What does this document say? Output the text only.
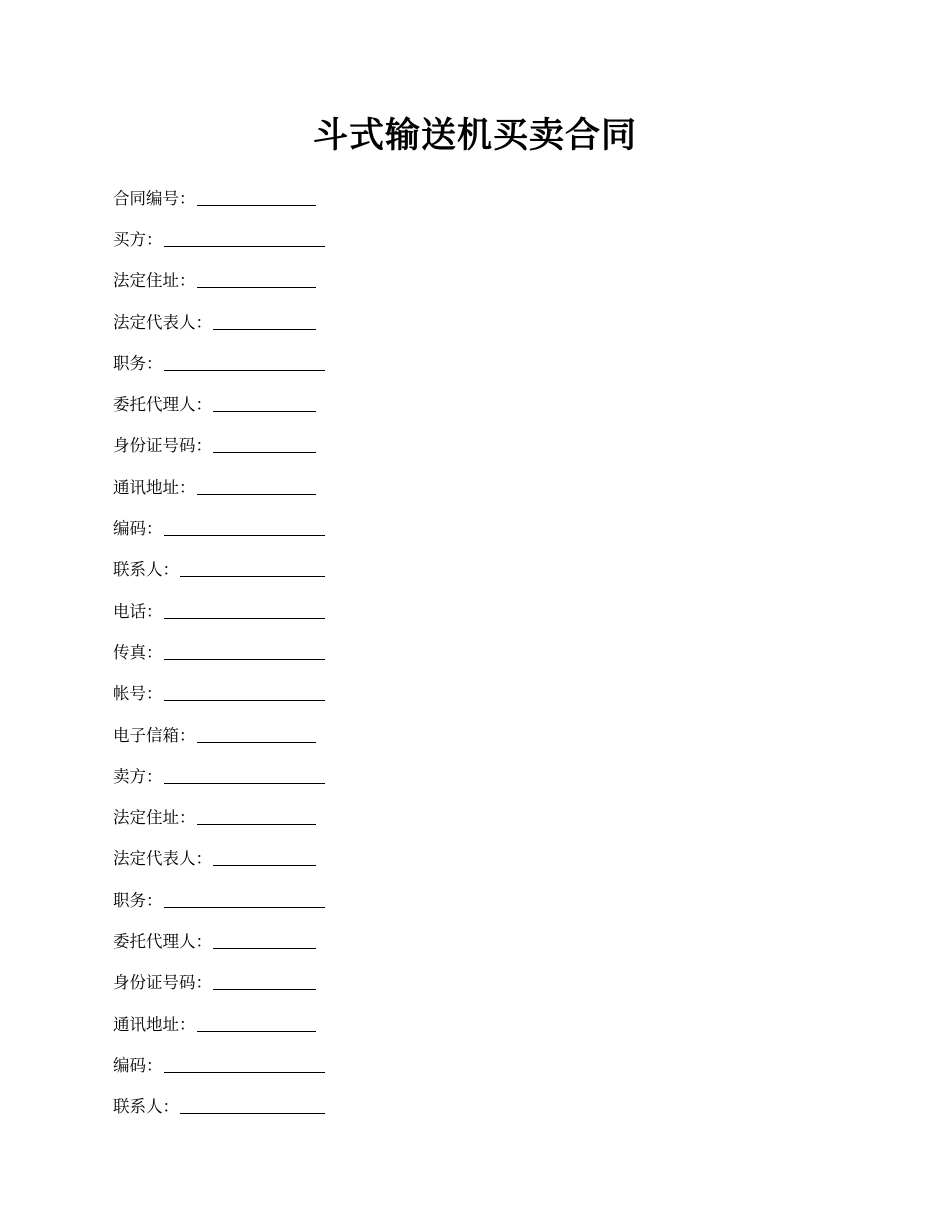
斗式输送机买卖合同
合同编号：
买方：
法定住址：
法定代表人：
职务：
委托代理人：
身份证号码：
通讯地址：
编码：
联系人：
电话：
传真：
帐号：
电子信箱：
卖方：
法定住址：
法定代表人：
职务：
委托代理人：
身份证号码：
通讯地址：
编码：
联系人：
